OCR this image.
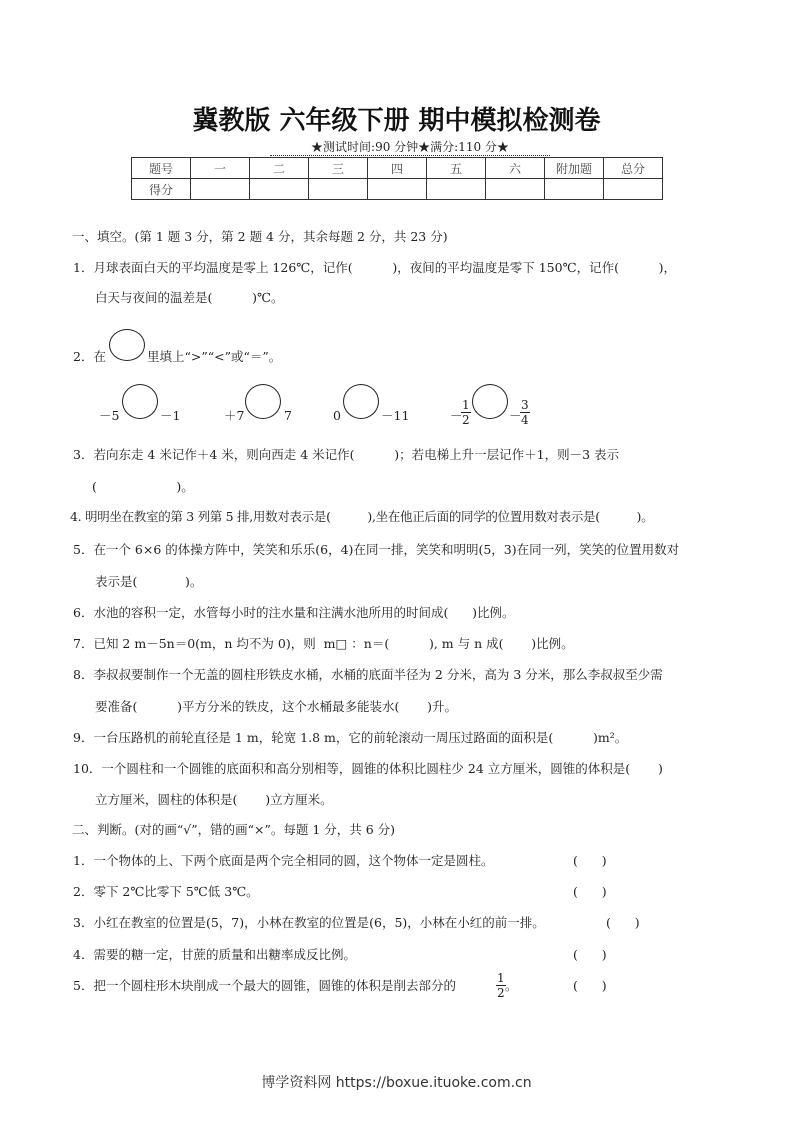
冀教版 六年级下册 期中模拟检测卷
★测试时间:90 分钟★满分:110 分★
题号	一	二	三	四	五	六	附加题	总分
得分								
一、填空。(第 1 题 3 分，第 2 题 4 分，其余每题 2 分，共 23 分)
1．月球表面白天的平均温度是零上 126℃，记作(          )，夜间的平均温度是零下 150℃，记作(          )，
白天与夜间的温差是(          )℃。
2．在	里填上“>”“<”或“＝”。
－5	－1	＋7	7	0	－11	－
$\frac{1}{2}$	－
$\frac{3}{4}$
3．若向东走 4 米记作＋4 米，则向西走 4 米记作(          )；若电梯上升一层记作＋1，则－3 表示
(                    )。
4. 明明坐在教室的第 3 列第 5 排,用数对表示是(          ),坐在他正后面的同学的位置用数对表示是(          )。
5．在一个 6×6 的体操方阵中，笑笑和乐乐(6，4)在同一排，笑笑和明明(5，3)在同一列，笑笑的位置用数对
表示是(            )。
6．水池的容积一定，水管每小时的注水量和注满水池所用的时间成(      )比例。
7．已知 2 m－5n＝0(m，n 均不为 0)，则  m□ ：n＝(          ), m 与 n 成(       )比例。
8．李叔叔要制作一个无盖的圆柱形铁皮水桶，水桶的底面半径为 2 分米，高为 3 分米，那么李叔叔至少需
要准备(          )平方分米的铁皮，这个水桶最多能装水(       )升。
9．一台压路机的前轮直径是 1 m，轮宽 1.8 m，它的前轮滚动一周压过路面的面积是(          )m²。
10．一个圆柱和一个圆锥的底面积和高分别相等，圆锥的体积比圆柱少 24 立方厘米，圆锥的体积是(       )
立方厘米，圆柱的体积是(       )立方厘米。
二、判断。(对的画“√”，错的画“×”。每题 1 分，共 6 分)
1．一个物体的上、下两个底面是两个完全相同的圆，这个物体一定是圆柱。	(      )
2．零下 2℃比零下 5℃低 3℃。	(      )
3．小红在教室的位置是(5，7)，小林在教室的位置是(6，5)，小林在小红的前一排。	(      )
4．需要的糖一定，甘蔗的质量和出糖率成反比例。	(      )
5．把一个圆柱形木块削成一个最大的圆锥，圆锥的体积是削去部分的	$\frac{1}{2}$ 。	(      )
博学资料网 https://boxue.ituoke.com.cn
